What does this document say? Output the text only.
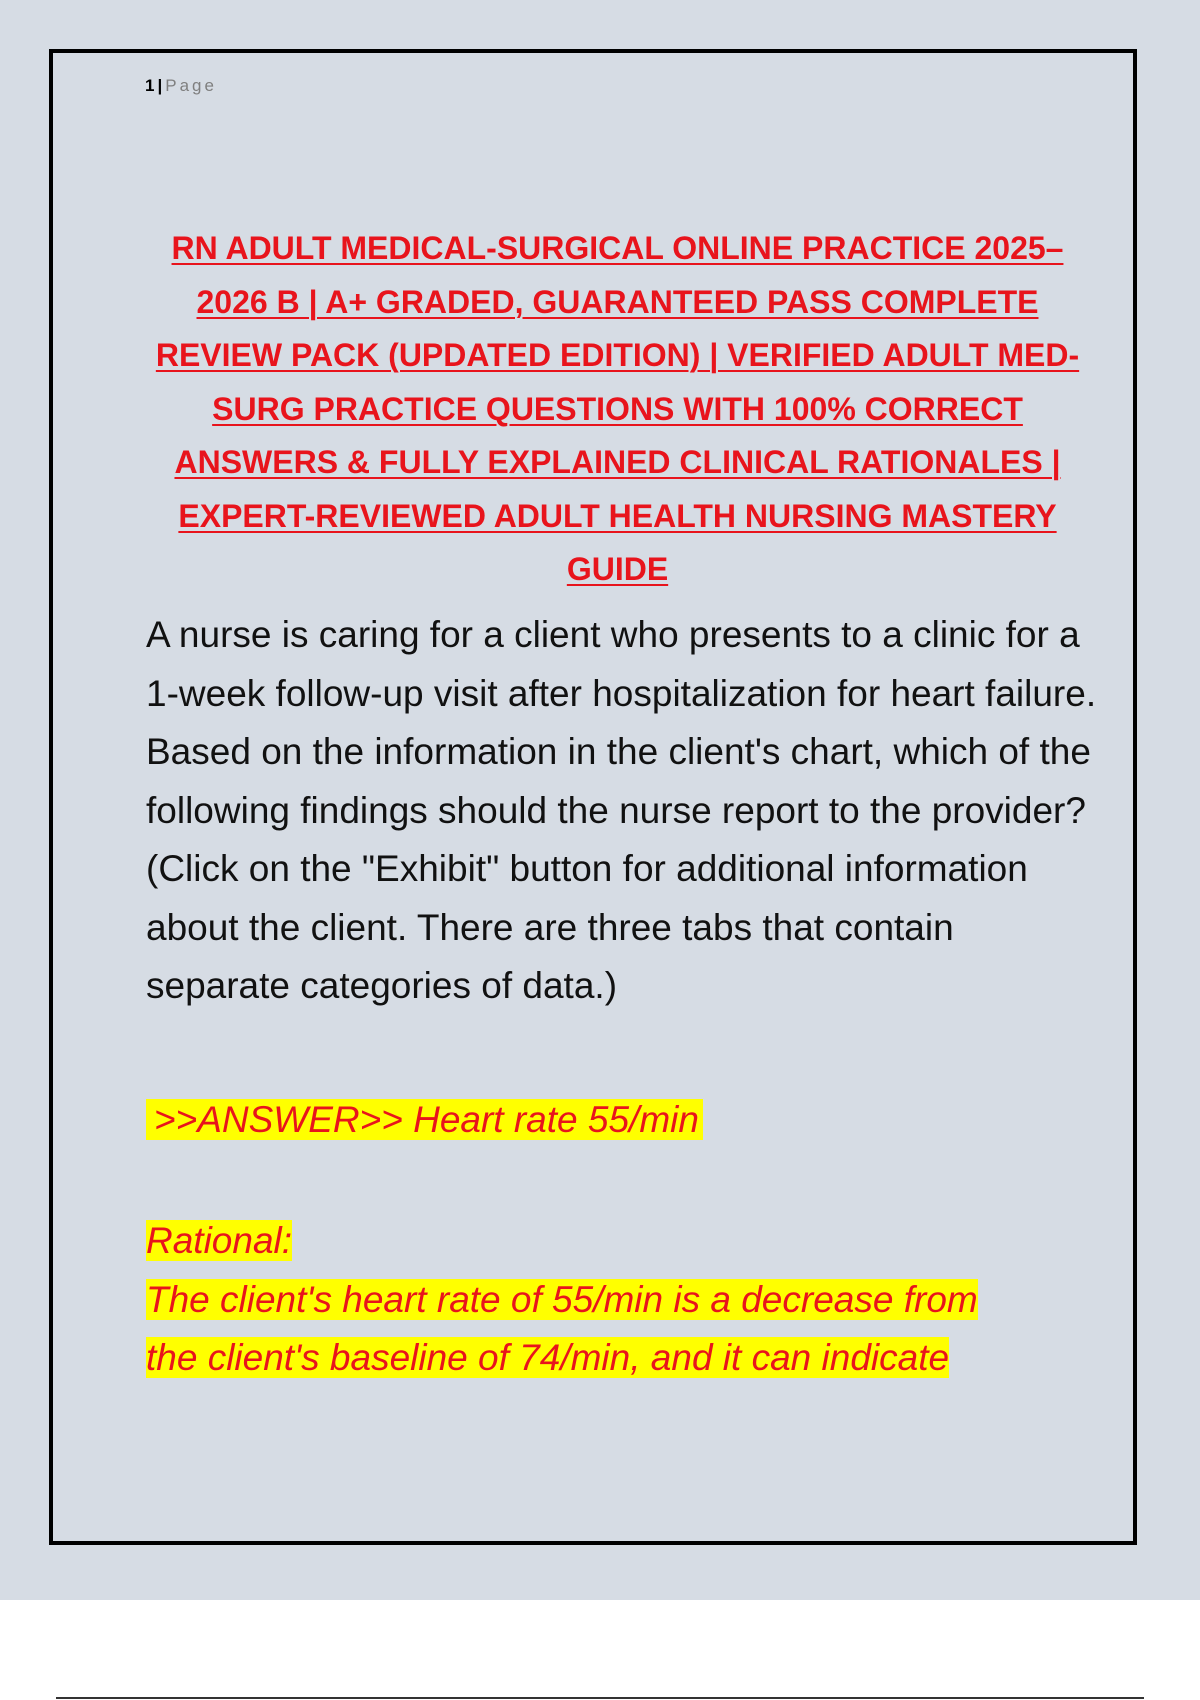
1 | Page
RN ADULT MEDICAL-SURGICAL ONLINE PRACTICE 2025–2026 B | A+ GRADED, GUARANTEED PASS COMPLETE REVIEW PACK (UPDATED EDITION) | VERIFIED ADULT MED-SURG PRACTICE QUESTIONS WITH 100% CORRECT ANSWERS & FULLY EXPLAINED CLINICAL RATIONALES | EXPERT-REVIEWED ADULT HEALTH NURSING MASTERY GUIDE

A nurse is caring for a client who presents to a clinic for a 1-week follow-up visit after hospitalization for heart failure. Based on the information in the client's chart, which of the following findings should the nurse report to the provider? (Click on the "Exhibit" button for additional information about the client. There are three tabs that contain separate categories of data.)

>>ANSWER>> Heart rate 55/min

Rational:
The client's heart rate of 55/min is a decrease from
the client's baseline of 74/min, and it can indicate
